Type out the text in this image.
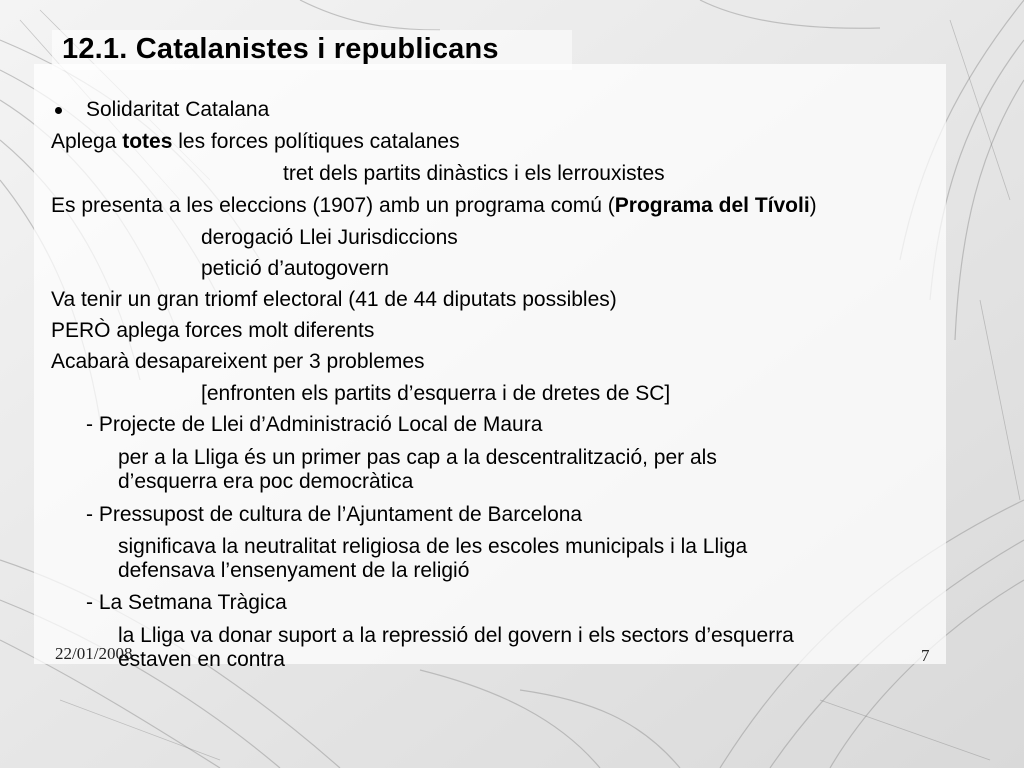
12.1. Catalanistes i republicans
Solidaritat Catalana
Aplega totes les forces polítiques catalanes
tret dels partits dinàstics i els lerrouxistes
Es presenta a les eleccions (1907) amb un programa comú (Programa del Tívoli)
derogació Llei Jurisdiccions
petició d’autogovern
Va tenir un gran triomf electoral (41 de 44 diputats possibles)
PERÒ aplega forces molt diferents
Acabarà desapareixent per 3 problemes
[enfronten els partits d’esquerra i de dretes de SC]
- Projecte de Llei d’Administració Local de Maura
per a la Lliga és un primer pas cap a la descentralització, per als
d’esquerra era poc democràtica
- Pressupost de cultura de l’Ajuntament de Barcelona
significava la neutralitat religiosa de les escoles municipals i la Lliga
defensava l’ensenyament de la religió
- La Setmana Tràgica
la Lliga va donar suport a la repressió del govern i els sectors d’esquerra
estaven en contra
22/01/2008	7
